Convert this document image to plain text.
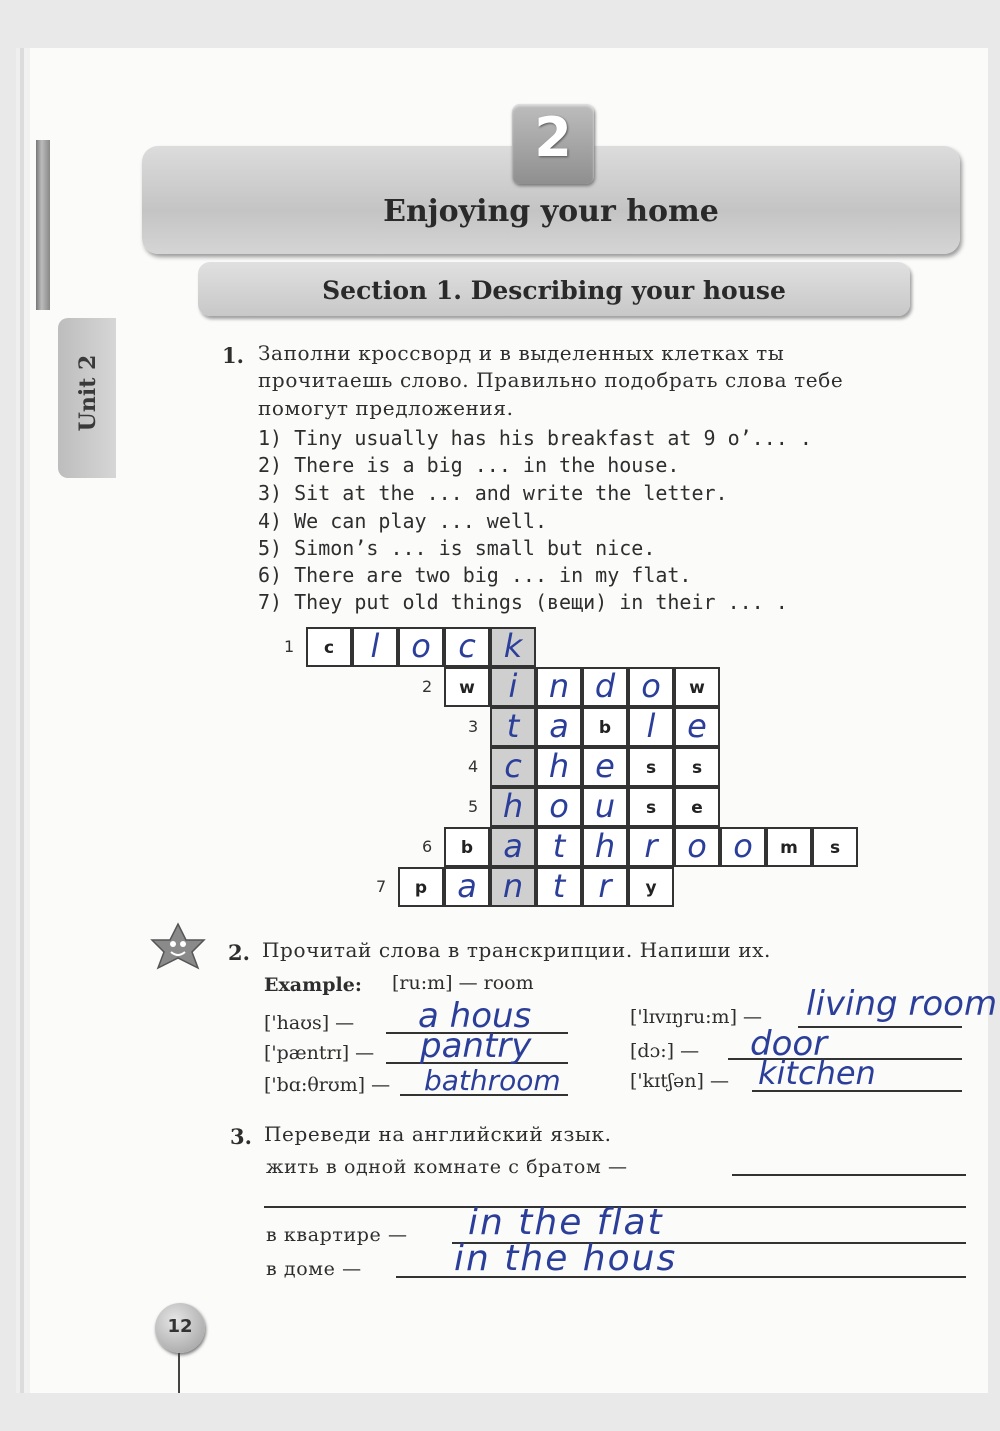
Enjoying your home
2
Section 1. Describing your house
Unit 2	1. Заполни кроссворд и в выделенных клетках ты
прочитаешь слово. Правильно подобрать слова тебе
помогут предложения.
1) Tiny usually has his breakfast at 9 o’... .
2) There is a big ... in the house.
3) Sit at the ... and write the letter.
4) We can play ... well.
5) Simon’s ... is small but nice.
6) There are two big ... in my flat.
7) They put old things (вещи) in their ... .
1	c	l o c k
2	w	i n d o	w
3 t a	b	l e
4 c h e	s	s
5 h o u	s	e
6	b a t h r o o	m	s
7	p a n t	r	y
2. Прочитай слова в транскрипции. Напиши их.
Example: [ru:m] — room
['haʊs] — a hous
['pæntrɪ] — pantry
['bɑ:θrʊm] — bathroom
['lɪvɪŋru:m] — living room
[dɔ:] — door
['kɪtʃən] — kitchen
3. Переведи на английский язык.
жить в одной комнате с братом —
в квартире — in the flat
в доме —	in the hous
12
